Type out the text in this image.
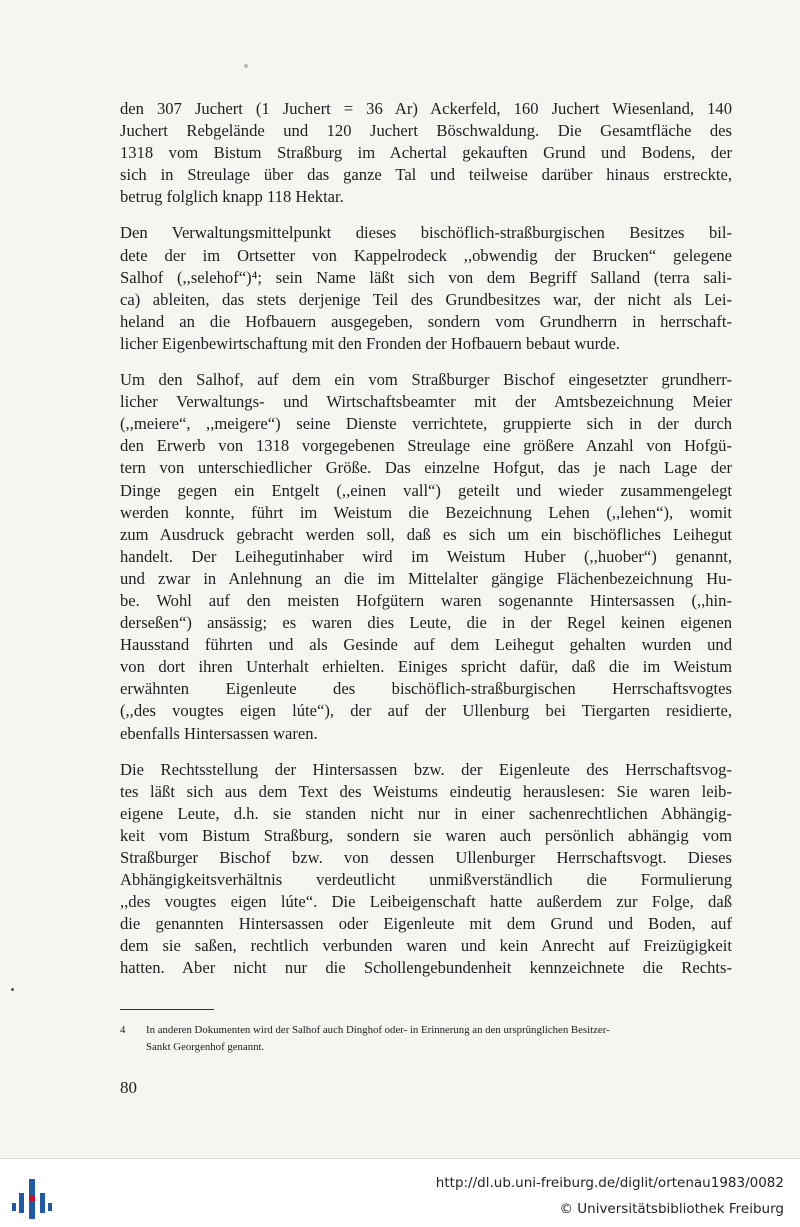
den 307 Juchert (1 Juchert = 36 Ar) Ackerfeld, 160 Juchert Wiesenland, 140
Juchert Rebgelände und 120 Juchert Böschwaldung. Die Gesamtfläche des
1318 vom Bistum Straßburg im Achertal gekauften Grund und Bodens, der
sich in Streulage über das ganze Tal und teilweise darüber hinaus erstreckte,
betrug folglich knapp 118 Hektar.

Den Verwaltungsmittelpunkt dieses bischöflich-straßburgischen Besitzes bil-
dete der im Ortsetter von Kappelrodeck ,,obwendig der Brucken“ gelegene
Salhof (,,selehof“)⁴; sein Name läßt sich von dem Begriff Salland (terra sali-
ca) ableiten, das stets derjenige Teil des Grundbesitzes war, der nicht als Lei-
heland an die Hofbauern ausgegeben, sondern vom Grundherrn in herrschaft-
licher Eigenbewirtschaftung mit den Fronden der Hofbauern bebaut wurde.

Um den Salhof, auf dem ein vom Straßburger Bischof eingesetzter grundherr-
licher Verwaltungs- und Wirtschaftsbeamter mit der Amtsbezeichnung Meier
(,,meiere“, ,,meigere“) seine Dienste verrichtete, gruppierte sich in der durch
den Erwerb von 1318 vorgegebenen Streulage eine größere Anzahl von Hofgü-
tern von unterschiedlicher Größe. Das einzelne Hofgut, das je nach Lage der
Dinge gegen ein Entgelt (,,einen vall“) geteilt und wieder zusammengelegt
werden konnte, führt im Weistum die Bezeichnung Lehen (,,lehen“), womit
zum Ausdruck gebracht werden soll, daß es sich um ein bischöfliches Leihegut
handelt. Der Leihegutinhaber wird im Weistum Huber (,,huober“) genannt,
und zwar in Anlehnung an die im Mittelalter gängige Flächenbezeichnung Hu-
be. Wohl auf den meisten Hofgütern waren sogenannte Hintersassen (,,hin-
derseßen“) ansässig; es waren dies Leute, die in der Regel keinen eigenen
Hausstand führten und als Gesinde auf dem Leihegut gehalten wurden und
von dort ihren Unterhalt erhielten. Einiges spricht dafür, daß die im Weistum
erwähnten Eigenleute des bischöflich-straßburgischen Herrschaftsvogtes
(,,des vougtes eigen lúte“), der auf der Ullenburg bei Tiergarten residierte,
ebenfalls Hintersassen waren.

Die Rechtsstellung der Hintersassen bzw. der Eigenleute des Herrschaftsvog-
tes läßt sich aus dem Text des Weistums eindeutig herauslesen: Sie waren leib-
eigene Leute, d.h. sie standen nicht nur in einer sachenrechtlichen Abhängig-
keit vom Bistum Straßburg, sondern sie waren auch persönlich abhängig vom
Straßburger Bischof bzw. von dessen Ullenburger Herrschaftsvogt. Dieses
Abhängigkeitsverhältnis verdeutlicht unmißverständlich die Formulierung
,,des vougtes eigen lúte“. Die Leibeigenschaft hatte außerdem zur Folge, daß
die genannten Hintersassen oder Eigenleute mit dem Grund und Boden, auf
dem sie saßen, rechtlich verbunden waren und kein Anrecht auf Freizügigkeit
hatten. Aber nicht nur die Schollengebundenheit kennzeichnete die Rechts-

4 In anderen Dokumenten wird der Salhof auch Dinghof oder- in Erinnerung an den ursprünglichen Besitzer-
Sankt Georgenhof genannt.
80
http://dl.ub.uni-freiburg.de/diglit/ortenau1983/0082
© Universitätsbibliothek Freiburg
